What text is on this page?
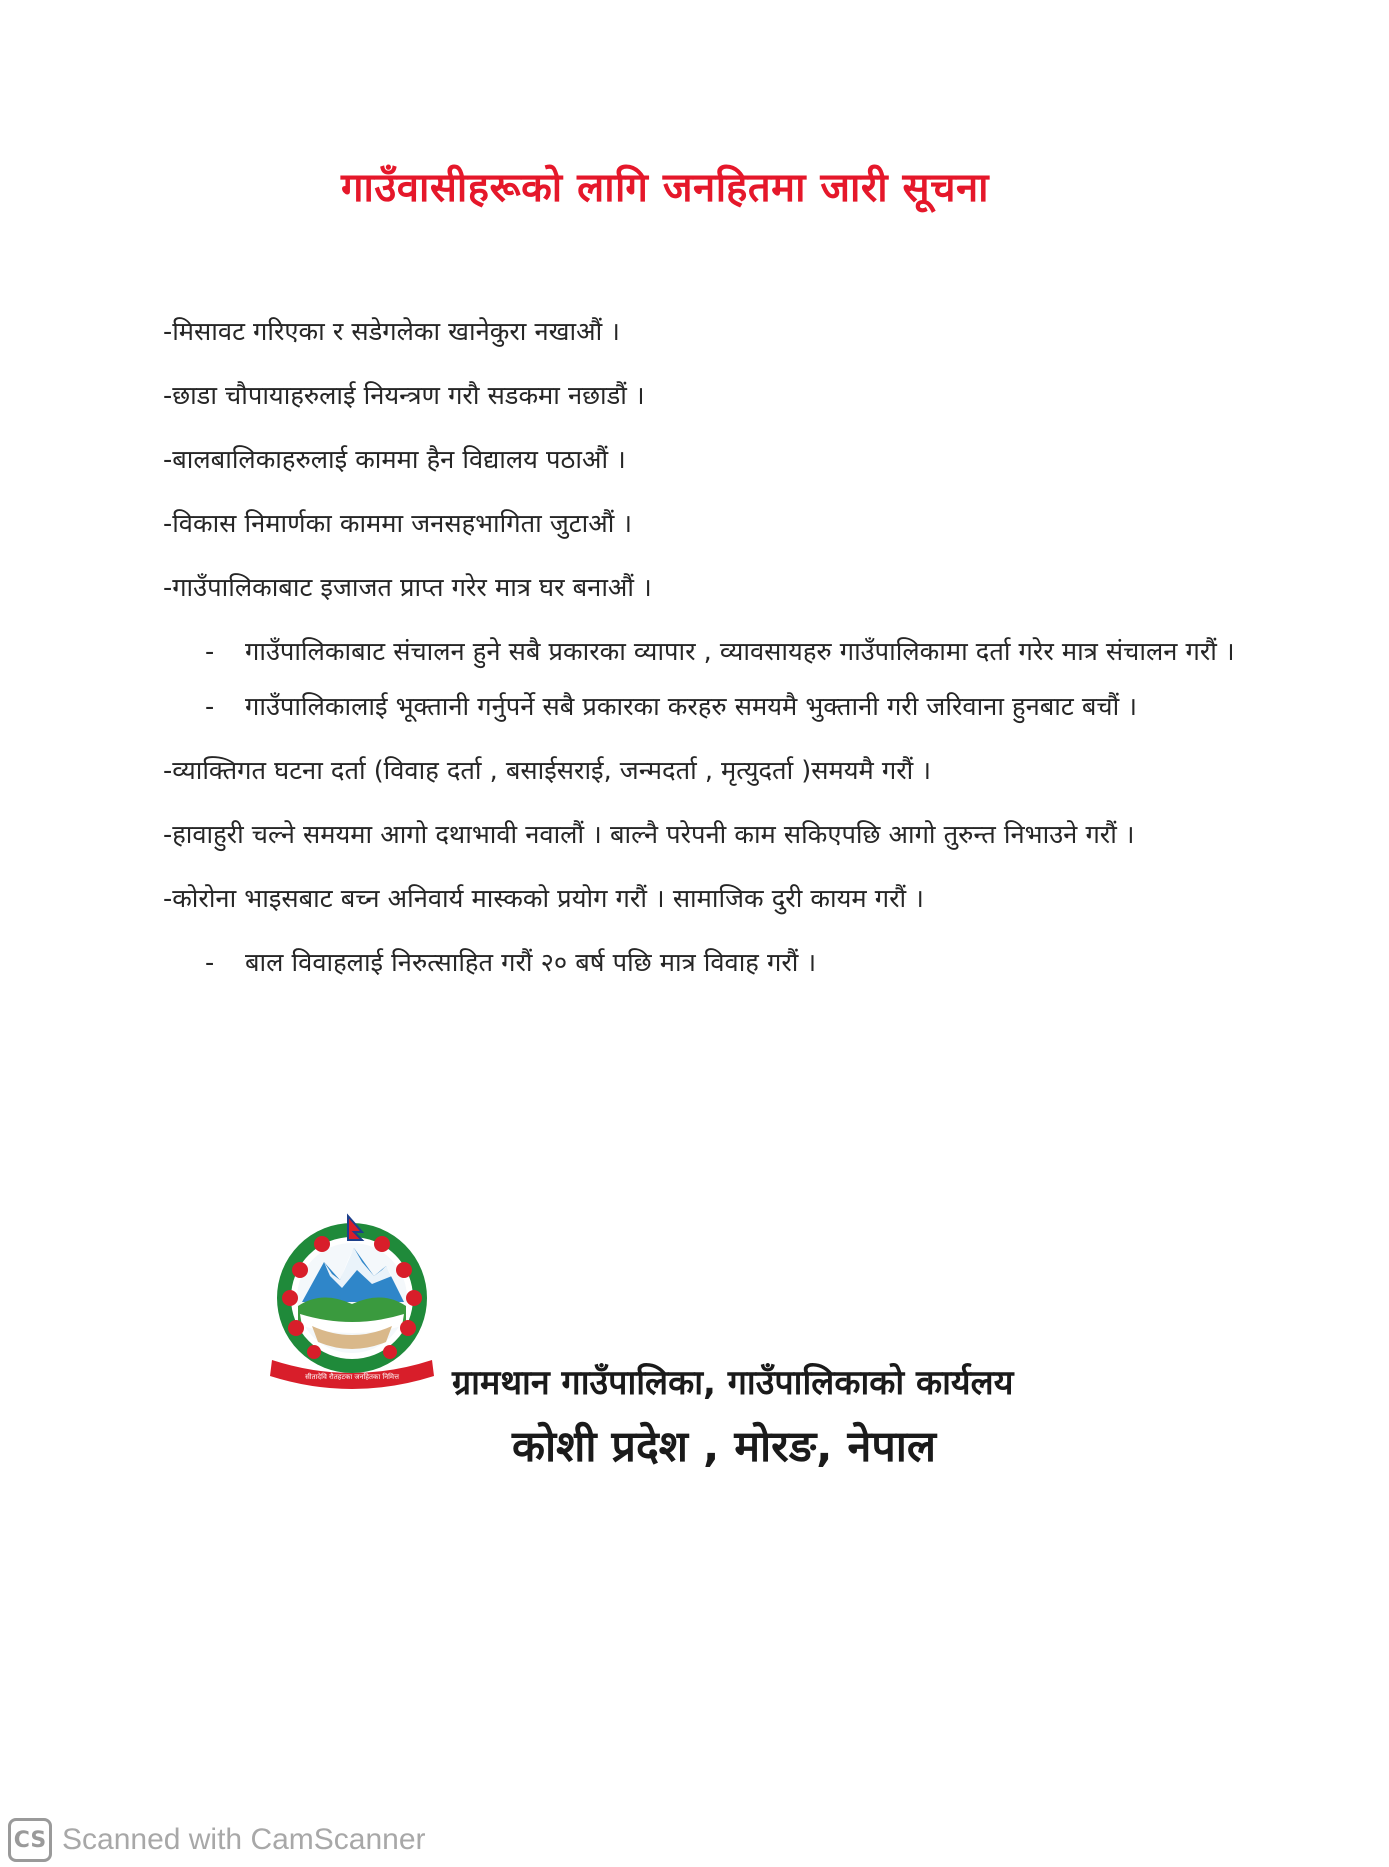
गाउँवासीहरूको लागि जनहितमा जारी सूचना
-मिसावट गरिएका र सडेगलेका खानेकुरा नखाऔं ।
-छाडा चौपायाहरुलाई नियन्त्रण गरौ सडकमा नछाडौं ।
-बालबालिकाहरुलाई काममा हैन विद्यालय पठाऔं ।
-विकास निमार्णका काममा जनसहभागिता जुटाऔं ।
-गाउँपालिकाबाट इजाजत प्राप्त गरेर मात्र घर बनाऔं ।
- गाउँपालिकाबाट संचालन हुने सबै प्रकारका व्यापार , व्यावसायहरु गाउँपालिकामा दर्ता गरेर मात्र संचालन गरौं ।
- गाउँपालिकालाई भूक्तानी गर्नुपर्ने सबै प्रकारका करहरु समयमै भुक्तानी गरी जरिवाना हुनबाट बचौं ।
-व्याक्तिगत घटना दर्ता (विवाह दर्ता , बसाईसराई, जन्मदर्ता , मृत्युदर्ता )समयमै गरौं ।
-हावाहुरी चल्ने समयमा आगो दथाभावी नवालौं । बाल्नै परेपनी काम सकिएपछि आगो तुरुन्त निभाउने गरौं ।
-कोरोना भाइसबाट बच्न अनिवार्य मास्कको प्रयोग गरौं । सामाजिक दुरी कायम गरौं ।
- बाल विवाहलाई निरुत्साहित गरौं २० बर्ष पछि मात्र विवाह गरौं ।
सीतादेवि रौतहटका जनहितका निमित्त ग्रामथान गाउँपालिका, गाउँपालिकाको कार्यलय
कोशी प्रदेश , मोरङ, नेपाल
CS Scanned with CamScanner
